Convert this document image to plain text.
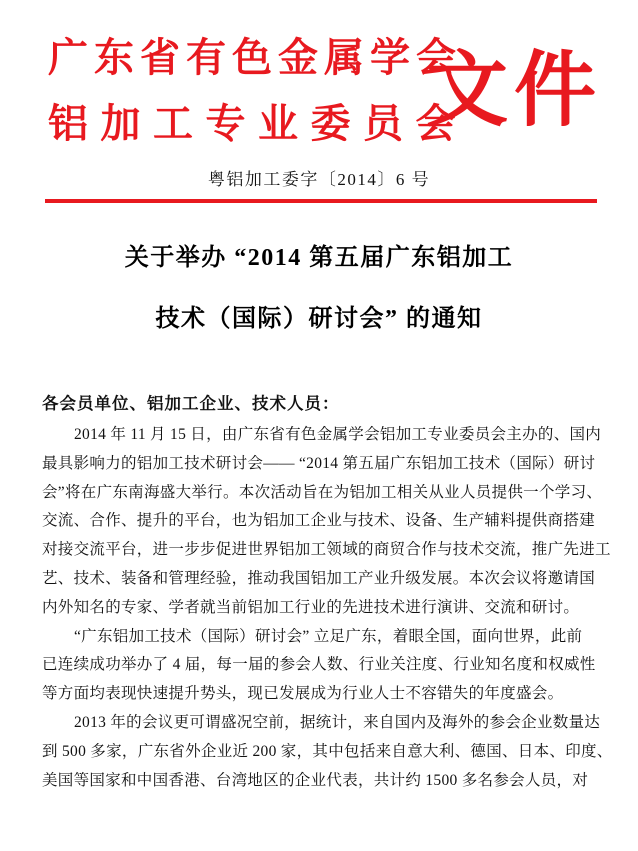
广东省有色金属学会
铝加工专业委员会
文件
粤铝加工委字〔2014〕6 号
关于举办 “2014 第五届广东铝加工
技术（国际）研讨会” 的通知
各会员单位、铝加工企业、技术人员：
2014 年 11 月 15 日，由广东省有色金属学会铝加工专业委员会主办的、国内
最具影响力的铝加工技术研讨会—— “2014 第五届广东铝加工技术（国际）研讨
会”将在广东南海盛大举行。本次活动旨在为铝加工相关从业人员提供一个学习、
交流、合作、提升的平台，也为铝加工企业与技术、设备、生产辅料提供商搭建
对接交流平台，进一步步促进世界铝加工领域的商贸合作与技术交流，推广先进工
艺、技术、装备和管理经验，推动我国铝加工产业升级发展。本次会议将邀请国
内外知名的专家、学者就当前铝加工行业的先进技术进行演讲、交流和研讨。
“广东铝加工技术（国际）研讨会” 立足广东，着眼全国，面向世界，此前
已连续成功举办了 4 届，每一届的参会人数、行业关注度、行业知名度和权威性
等方面均表现快速提升势头，现已发展成为行业人士不容错失的年度盛会。
2013 年的会议更可谓盛况空前，据统计，来自国内及海外的参会企业数量达
到 500 多家，广东省外企业近 200 家，其中包括来自意大利、德国、日本、印度、
美国等国家和中国香港、台湾地区的企业代表，共计约 1500 多名参会人员，对
